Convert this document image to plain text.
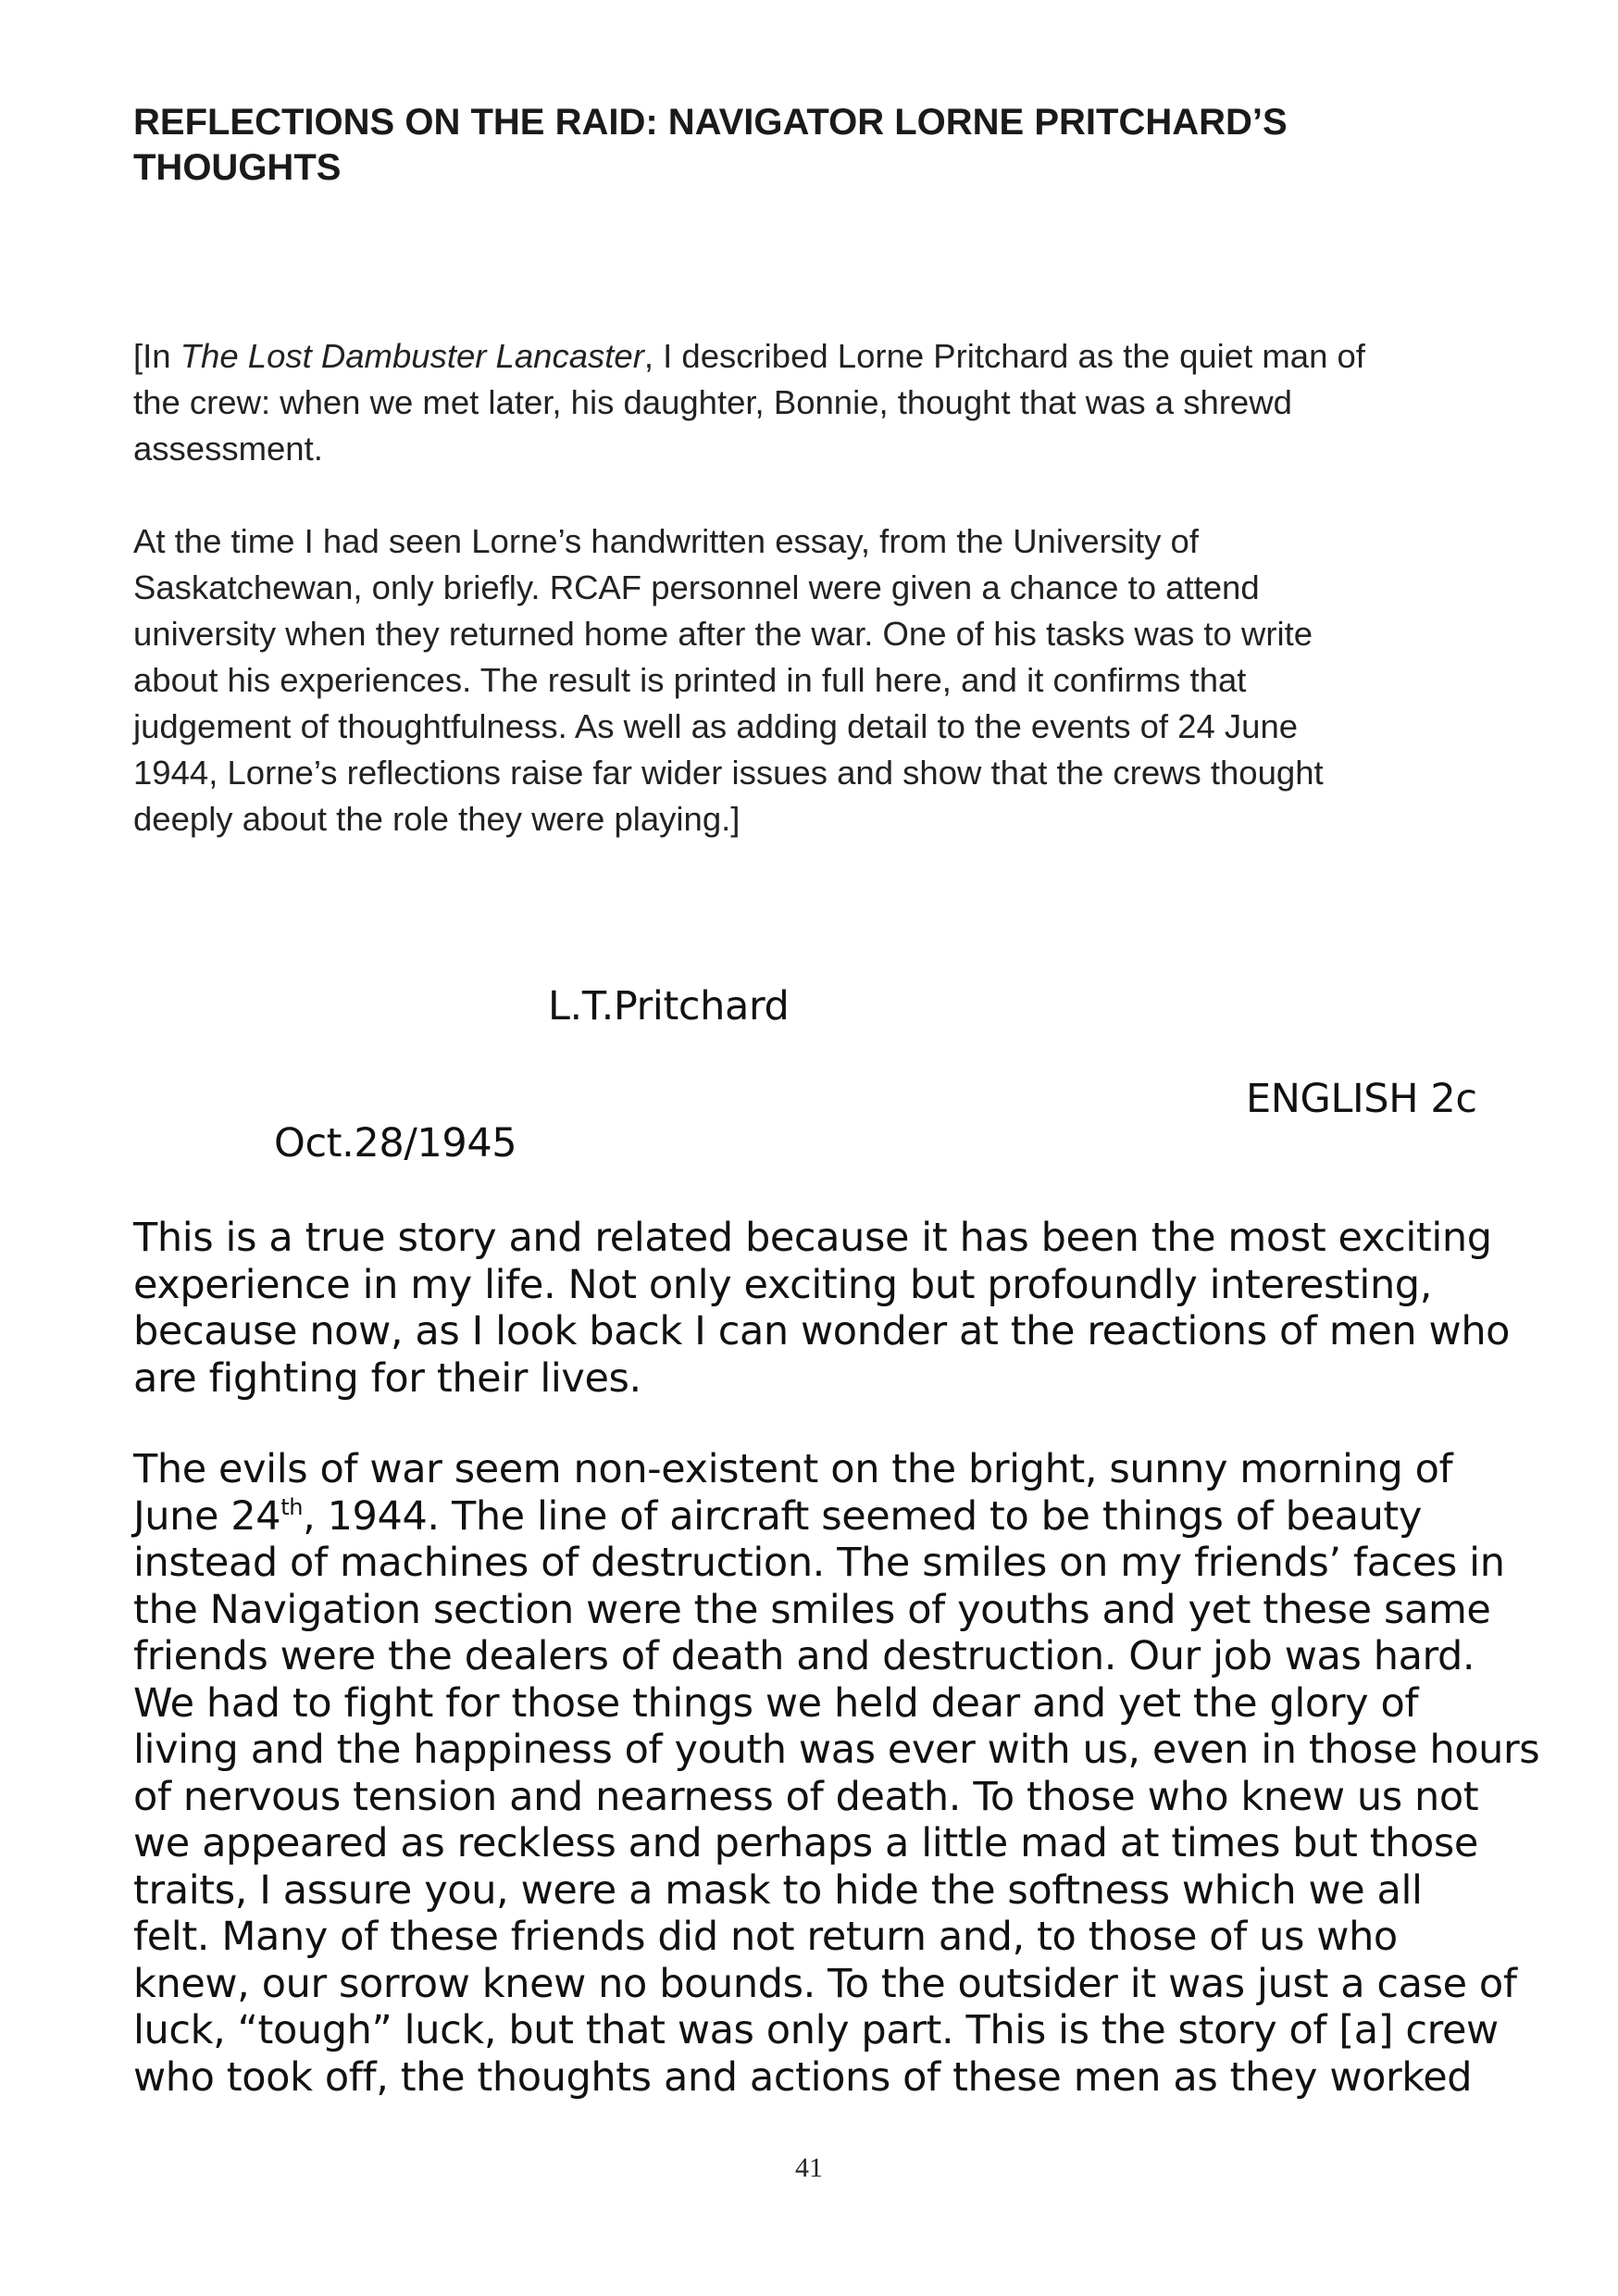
REFLECTIONS ON THE RAID: NAVIGATOR LORNE PRITCHARD’S THOUGHTS

[In The Lost Dambuster Lancaster, I described Lorne Pritchard as the quiet man of
the crew: when we met later, his daughter, Bonnie, thought that was a shrewd
assessment.

At the time I had seen Lorne’s handwritten essay, from the University of
Saskatchewan, only briefly. RCAF personnel were given a chance to attend
university when they returned home after the war. One of his tasks was to write
about his experiences. The result is printed in full here, and it confirms that
judgement of thoughtfulness. As well as adding detail to the events of 24 June
1944, Lorne’s reflections raise far wider issues and show that the crews thought
deeply about the role they were playing.]

L.T.Pritchard

ENGLISH 2c

Oct.28/1945

This is a true story and related because it has been the most exciting
experience in my life. Not only exciting but profoundly interesting,
because now, as I look back I can wonder at the reactions of men who
are fighting for their lives.

The evils of war seem non-existent on the bright, sunny morning of
June 24th, 1944. The line of aircraft seemed to be things of beauty
instead of machines of destruction. The smiles on my friends’ faces in
the Navigation section were the smiles of youths and yet these same
friends were the dealers of death and destruction. Our job was hard.
We had to fight for those things we held dear and yet the glory of
living and the happiness of youth was ever with us, even in those hours
of nervous tension and nearness of death. To those who knew us not
we appeared as reckless and perhaps a little mad at times but those
traits, I assure you, were a mask to hide the softness which we all
felt. Many of these friends did not return and, to those of us who
knew, our sorrow knew no bounds. To the outsider it was just a case of
luck, “tough” luck, but that was only part. This is the story of [a] crew
who took off, the thoughts and actions of these men as they worked

41
